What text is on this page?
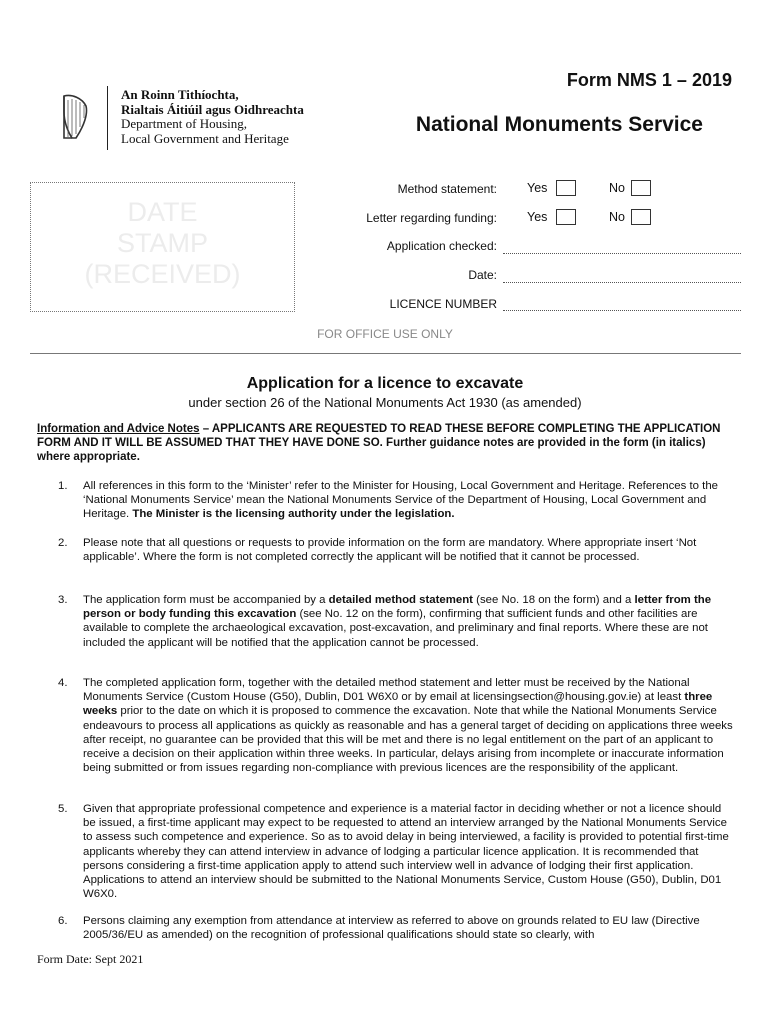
An Roinn Tithíochta,
Rialtais Áitiúil agus Oidhreachta
Department of Housing,
Local Government and Heritage
Form NMS 1 – 2019
National Monuments Service
DATE
STAMP
(RECEIVED)
Method statement: Yes	No
Letter regarding funding: Yes	No
Application checked:
Date:
LICENCE NUMBER
FOR OFFICE USE ONLY
Application for a licence to excavate
under section 26 of the National Monuments Act 1930 (as amended)
Information and Advice Notes – APPLICANTS ARE REQUESTED TO READ THESE BEFORE COMPLETING THE APPLICATION FORM AND IT WILL BE ASSUMED THAT THEY HAVE DONE SO. Further guidance notes are provided in the form (in italics) where appropriate.
1. All references in this form to the ‘Minister’ refer to the Minister for Housing, Local Government and Heritage. References to the ‘National Monuments Service’ mean the National Monuments Service of the Department of Housing, Local Government and Heritage. The Minister is the licensing authority under the legislation.
2. Please note that all questions or requests to provide information on the form are mandatory. Where appropriate insert ‘Not applicable’. Where the form is not completed correctly the applicant will be notified that it cannot be processed.
3. The application form must be accompanied by a detailed method statement (see No. 18 on the form) and a letter from the person or body funding this excavation (see No. 12 on the form), confirming that sufficient funds and other facilities are available to complete the archaeological excavation, post-excavation, and preliminary and final reports. Where these are not included the applicant will be notified that the application cannot be processed.
4. The completed application form, together with the detailed method statement and letter must be received by the National Monuments Service (Custom House (G50), Dublin, D01 W6X0 or by email at licensingsection@housing.gov.ie) at least three weeks prior to the date on which it is proposed to commence the excavation. Note that while the National Monuments Service endeavours to process all applications as quickly as reasonable and has a general target of deciding on applications three weeks after receipt, no guarantee can be provided that this will be met and there is no legal entitlement on the part of an applicant to receive a decision on their application within three weeks. In particular, delays arising from incomplete or inaccurate information being submitted or from issues regarding non-compliance with previous licences are the responsibility of the applicant.
5. Given that appropriate professional competence and experience is a material factor in deciding whether or not a licence should be issued, a first-time applicant may expect to be requested to attend an interview arranged by the National Monuments Service to assess such competence and experience. So as to avoid delay in being interviewed, a facility is provided to potential first-time applicants whereby they can attend interview in advance of lodging a particular licence application. It is recommended that persons considering a first-time application apply to attend such interview well in advance of lodging their first application. Applications to attend an interview should be submitted to the National Monuments Service, Custom House (G50), Dublin, D01 W6X0.
6. Persons claiming any exemption from attendance at interview as referred to above on grounds related to EU law (Directive 2005/36/EU as amended) on the recognition of professional qualifications should state so clearly, with
Form Date: Sept 2021
